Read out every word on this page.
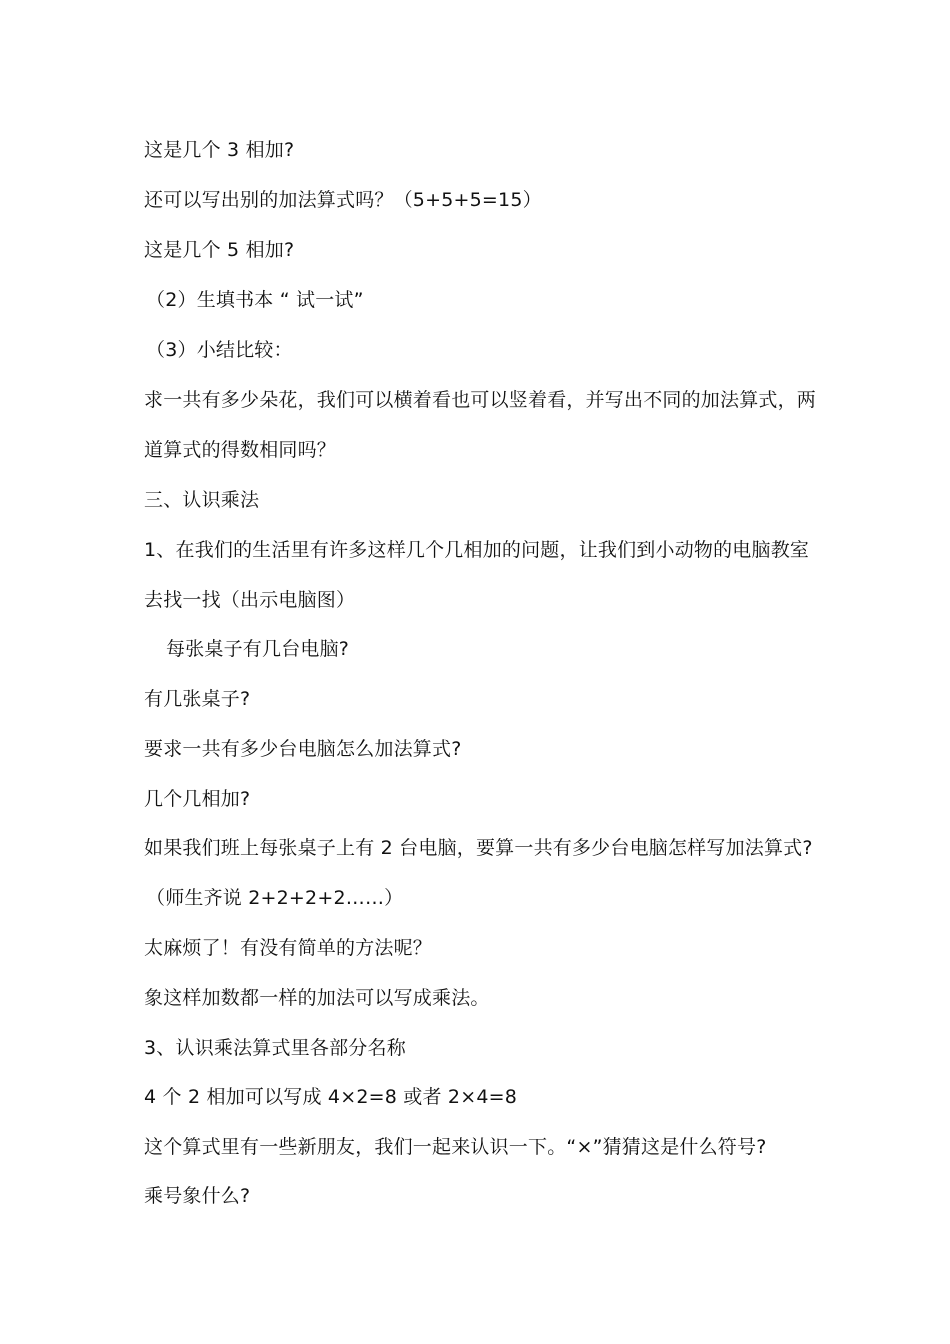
这是几个 3 相加?
还可以写出别的加法算式吗？（5+5+5=15）
这是几个 5 相加?
（2）生填书本 “ 试一试”
（3）小结比较：
求一共有多少朵花，我们可以横着看也可以竖着看，并写出不同的加法算式，两
道算式的得数相同吗？
三、认识乘法
1、在我们的生活里有许多这样几个几相加的问题，让我们到小动物的电脑教室
去找一找（出示电脑图）
每张桌子有几台电脑?
有几张桌子?
要求一共有多少台电脑怎么加法算式?
几个几相加?
如果我们班上每张桌子上有 2 台电脑，要算一共有多少台电脑怎样写加法算式?
（师生齐说 2+2+2+2……）
太麻烦了！有没有简单的方法呢？
象这样加数都一样的加法可以写成乘法。
3、认识乘法算式里各部分名称
4 个 2 相加可以写成 4×2=8 或者 2×4=8
这个算式里有一些新朋友，我们一起来认识一下。“×”猜猜这是什么符号?
乘号象什么?
